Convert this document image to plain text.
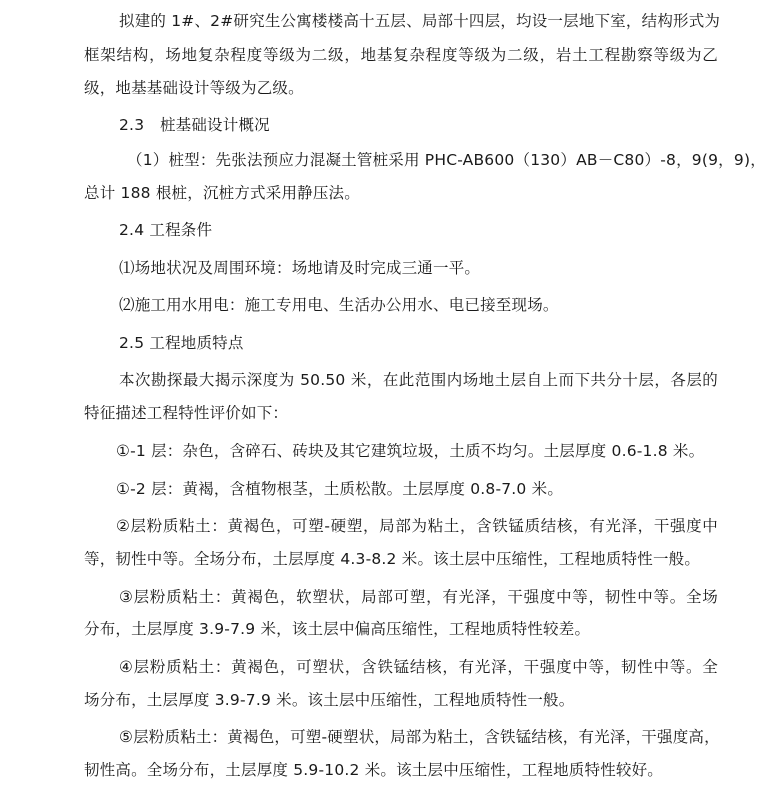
拟建的 1#、2#研究生公寓楼楼高十五层、局部十四层，均设一层地下室，结构形式为
框架结构，场地复杂程度等级为二级，地基复杂程度等级为二级，岩土工程勘察等级为乙
级，地基基础设计等级为乙级。
2.3　桩基础设计概况
（1）桩型：先张法预应力混凝土管桩采用 PHC-AB600（130）AB－C80）-8，9(9，9)，
总计 188 根桩，沉桩方式采用静压法。
2.4 工程条件
⑴场地状况及周围环境：场地请及时完成三通一平。
⑵施工用水用电：施工专用电、生活办公用水、电已接至现场。
2.5 工程地质特点
本次勘探最大揭示深度为 50.50 米，在此范围内场地土层自上而下共分十层，各层的
特征描述工程特性评价如下：
①-1 层：杂色，含碎石、砖块及其它建筑垃圾，土质不均匀。土层厚度 0.6-1.8 米。
①-2 层：黄褐，含植物根茎，土质松散。土层厚度 0.8-7.0 米。
②层粉质粘土：黄褐色，可塑-硬塑，局部为粘土，含铁锰质结核，有光泽，干强度中
等，韧性中等。全场分布，土层厚度 4.3-8.2 米。该土层中压缩性，工程地质特性一般。
③层粉质粘土：黄褐色，软塑状，局部可塑，有光泽，干强度中等，韧性中等。全场
分布，土层厚度 3.9-7.9 米，该土层中偏高压缩性，工程地质特性较差。
④层粉质粘土：黄褐色，可塑状，含铁锰结核，有光泽，干强度中等，韧性中等。全
场分布，土层厚度 3.9-7.9 米。该土层中压缩性，工程地质特性一般。
⑤层粉质粘土：黄褐色，可塑-硬塑状，局部为粘土，含铁锰结核，有光泽，干强度高，
韧性高。全场分布，土层厚度 5.9-10.2 米。该土层中压缩性，工程地质特性较好。
